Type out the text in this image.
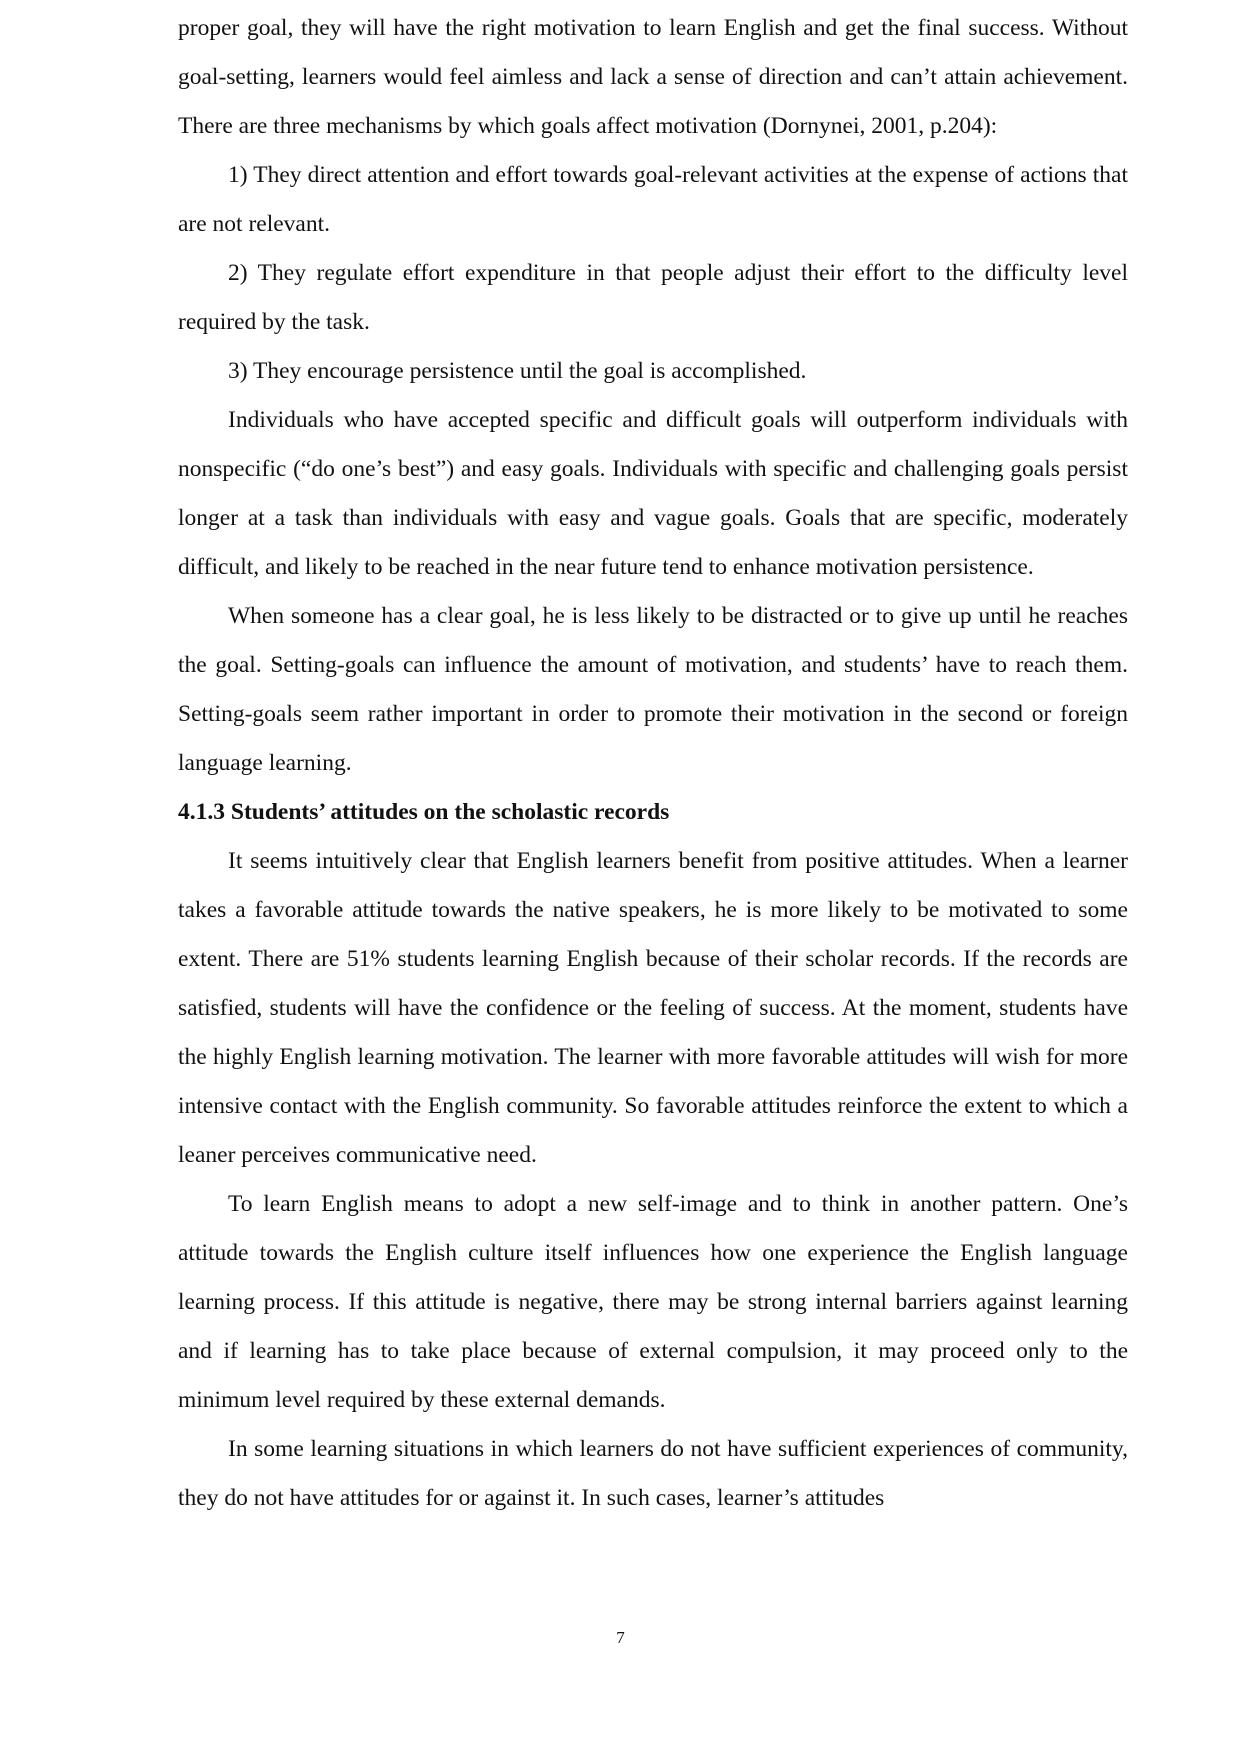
proper goal, they will have the right motivation to learn English and get the final success. Without goal-setting, learners would feel aimless and lack a sense of direction and can’t attain achievement. There are three mechanisms by which goals affect motivation (Dornynei, 2001, p.204):

1) They direct attention and effort towards goal-relevant activities at the expense of actions that are not relevant.

2) They regulate effort expenditure in that people adjust their effort to the difficulty level required by the task.

3) They encourage persistence until the goal is accomplished.

Individuals who have accepted specific and difficult goals will outperform individuals with nonspecific (“do one’s best”) and easy goals. Individuals with specific and challenging goals persist longer at a task than individuals with easy and vague goals. Goals that are specific, moderately difficult, and likely to be reached in the near future tend to enhance motivation persistence.

When someone has a clear goal, he is less likely to be distracted or to give up until he reaches the goal. Setting-goals can influence the amount of motivation, and students’ have to reach them. Setting-goals seem rather important in order to promote their motivation in the second or foreign language learning.

4.1.3 Students’ attitudes on the scholastic records

It seems intuitively clear that English learners benefit from positive attitudes. When a learner takes a favorable attitude towards the native speakers, he is more likely to be motivated to some extent. There are 51% students learning English because of their scholar records. If the records are satisfied, students will have the confidence or the feeling of success. At the moment, students have the highly English learning motivation. The learner with more favorable attitudes will wish for more intensive contact with the English community. So favorable attitudes reinforce the extent to which a leaner perceives communicative need.

To learn English means to adopt a new self-image and to think in another pattern. One’s attitude towards the English culture itself influences how one experience the English language learning process. If this attitude is negative, there may be strong internal barriers against learning and if learning has to take place because of external compulsion, it may proceed only to the minimum level required by these external demands.

In some learning situations in which learners do not have sufficient experiences of community, they do not have attitudes for or against it. In such cases, learner’s attitudes

7
